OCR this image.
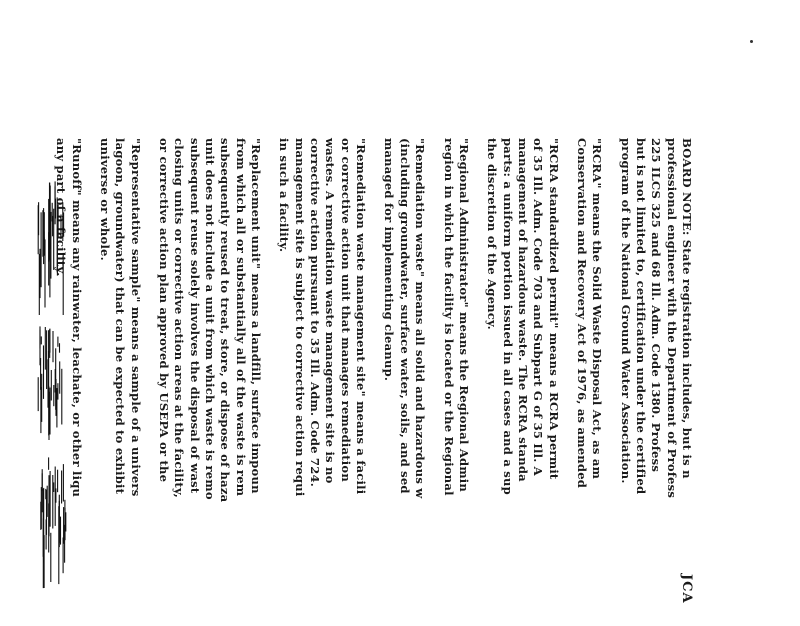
JCA
BOARD NOTE: State registration includes, but is n
professional engineer with the Department of Profess
225 ILCS 325 and 68 Ill. Adm. Code 1380. Profess
but is not limited to, certification under the certified
program of the National Ground Water Association.
"RCRA" means the Solid Waste Disposal Act, as am
Conservation and Recovery Act of 1976, as amended
"RCRA standardized permit" means a RCRA permit
of 35 Ill. Adm. Code 703 and Subpart G of 35 Ill. A
management of hazardous waste. The RCRA standa
parts: a uniform portion issued in all cases and a sup
the discretion of the Agency.
"Regional Administrator" means the Regional Admin
region in which the facility is located or the Regional
"Remediation waste" means all solid and hazardous w
(including groundwater, surface water, soils, and sed
managed for implementing cleanup.
"Remediation waste management site" means a facili
or corrective action unit that manages remediation
wastes. A remediation waste management site is no
corrective action pursuant to 35 Ill. Adm. Code 724.
management site is subject to corrective action requi
in such a facility.
"Replacement unit" means a landfill, surface impoun
from which all or substantially all of the waste is rem
subsequently reused to treat, store, or dispose of haza
unit does not include a unit from which waste is remo
subsequent reuse solely involves the disposal of wast
closing units or corrective action areas at the facility,
or corrective action plan approved by USEPA or the
"Representative sample" means a sample of a univers
lagoon, groundwater) that can be expected to exhibit
universe or whole.
"Runoff" means any rainwater, leachate, or other liqu
any part of a facility.
